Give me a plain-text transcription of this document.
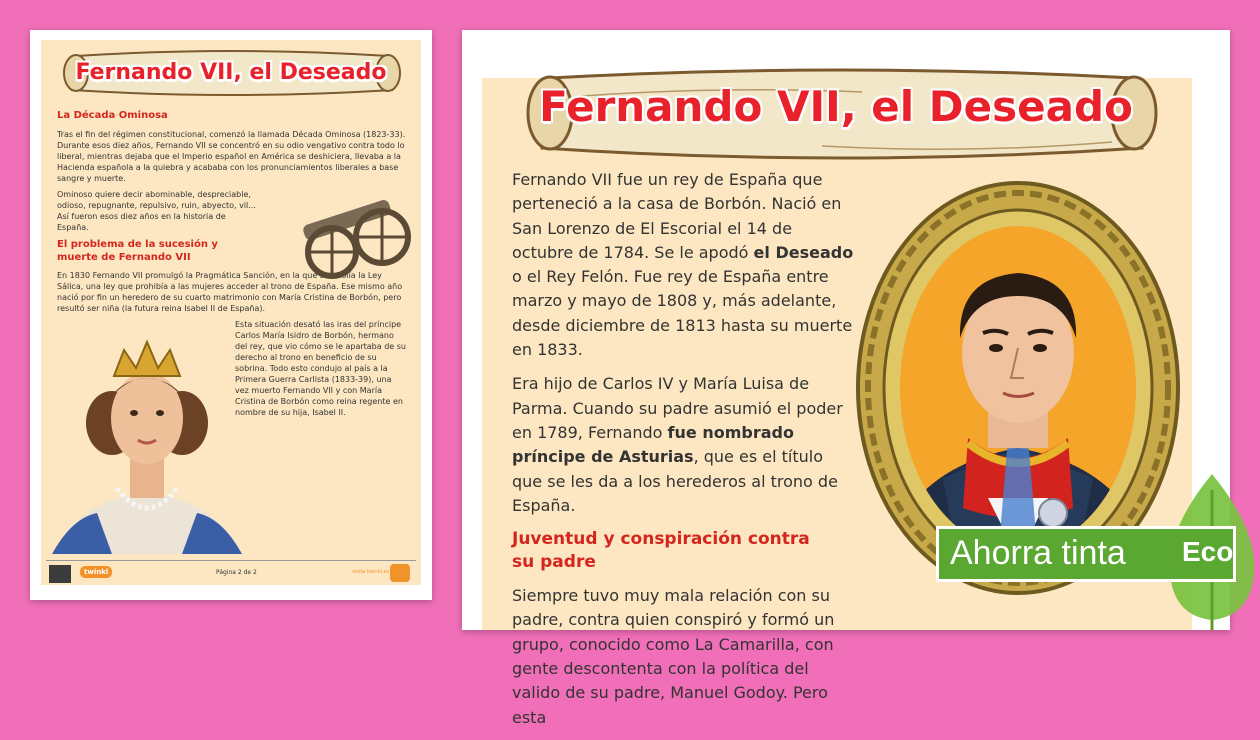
Fernando VII, el Deseado
La Década Ominosa

Tras el fin del régimen constitucional, comenzó la llamada Década Ominosa (1823-33). Durante esos diez años, Fernando VII se concentró en su odio vengativo contra todo lo liberal, mientras dejaba que el Imperio español en América se deshiciera, llevaba a la Hacienda española a la quiebra y acababa con los pronunciamientos liberales a base sangre y muerte.

Ominoso quiere decir abominable, despreciable, odioso, repugnante, repulsivo, ruin, abyecto, vil... Así fueron esos diez años en la historia de España.

El problema de la sucesión y muerte de Fernando VII

En 1830 Fernando VII promulgó la Pragmática Sanción, en la que se abolía la Ley Sálica, una ley que prohibía a las mujeres acceder al trono de España. Ese mismo año nació por fin un heredero de su cuarto matrimonio con María Cristina de Borbón, pero resultó ser niña (la futura reina Isabel II de España).

Esta situación desató las iras del príncipe Carlos María Isidro de Borbón, hermano del rey, que vio cómo se le apartaba de su derecho al trono en beneficio de su sobrina. Todo esto condujo al país a la Primera Guerra Carlista (1833-39), una vez muerto Fernando VII y con María Cristina de Borbón como reina regente en nombre de su hija, Isabel II.

twinkl	Página 2 de 2	visita twinkl.es
Fernando VII, el Deseado

Fernando VII fue un rey de España que perteneció a la casa de Borbón. Nació en San Lorenzo de El Escorial el 14 de octubre de 1784. Se le apodó el Deseado o el Rey Felón. Fue rey de España entre marzo y mayo de 1808 y, más adelante, desde diciembre de 1813 hasta su muerte en 1833.

Era hijo de Carlos IV y María Luisa de Parma. Cuando su padre asumió el poder en 1789, Fernando fue nombrado príncipe de Asturias, que es el título que se les da a los herederos al trono de España.

Juventud y conspiración contra su padre

Siempre tuvo muy mala relación con su padre, contra quien conspiró y formó un grupo, conocido como La Camarilla, con gente descontenta con la política del valido de su padre, Manuel Godoy. Pero esta

Ahorra tinta Eco
